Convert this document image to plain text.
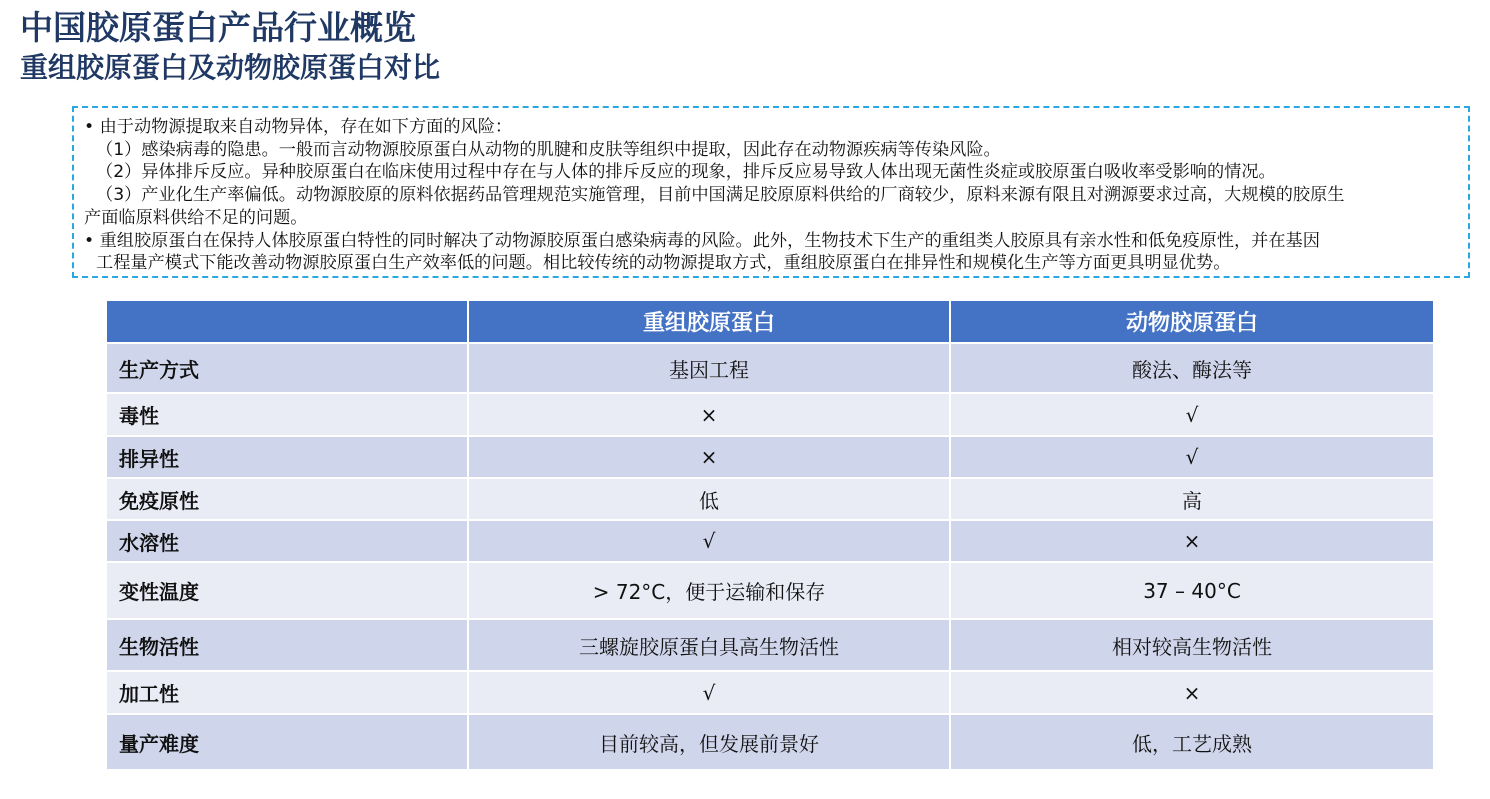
中国胶原蛋白产品行业概览
重组胶原蛋白及动物胶原蛋白对比
• 由于动物源提取来自动物异体，存在如下方面的风险：
（1）感染病毒的隐患。一般而言动物源胶原蛋白从动物的肌腱和皮肤等组织中提取，因此存在动物源疾病等传染风险。
（2）异体排斥反应。异种胶原蛋白在临床使用过程中存在与人体的排斥反应的现象，排斥反应易导致人体出现无菌性炎症或胶原蛋白吸收率受影响的情况。
（3）产业化生产率偏低。动物源胶原的原料依据药品管理规范实施管理，目前中国满足胶原原料供给的厂商较少，原料来源有限且对溯源要求过高，大规模的胶原生
产面临原料供给不足的问题。
• 重组胶原蛋白在保持人体胶原蛋白特性的同时解决了动物源胶原蛋白感染病毒的风险。此外，生物技术下生产的重组类人胶原具有亲水性和低免疫原性，并在基因
工程量产模式下能改善动物源胶原蛋白生产效率低的问题。相比较传统的动物源提取方式，重组胶原蛋白在排异性和规模化生产等方面更具明显优势。
	重组胶原蛋白	动物胶原蛋白
生产方式	基因工程	酸法、酶法等
毒性	×	√
排异性	×	√
免疫原性	低	高
水溶性	√	×
变性温度	> 72°C，便于运输和保存	37 – 40°C
生物活性	三螺旋胶原蛋白具高生物活性	相对较高生物活性
加工性	√	×
量产难度	目前较高，但发展前景好	低，工艺成熟
